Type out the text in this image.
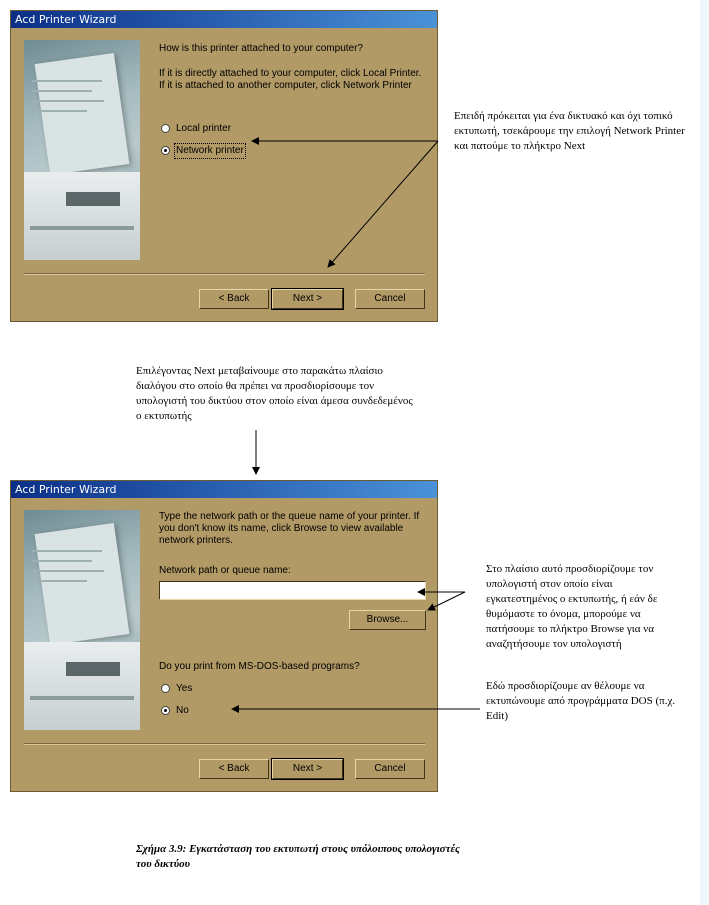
Acd Printer Wizard
How is this printer attached to your computer?
If it is directly attached to your computer, click Local Printer. If it is attached to another computer, click Network Printer
Local printer
Network printer
< Back	Next >	Cancel
Επειδή πρόκειται για ένα δικτυακό και όχι τοπικό εκτυπωτή, τσεκάρουμε την επιλογή Network Printer και πατούμε το πλήκτρο Next
Επιλέγοντας Next μεταβαίνουμε στο παρακάτω πλαίσιο διαλόγου στο οποίο θα πρέπει να προσδιορίσουμε τον υπολογιστή του δικτύου στον οποίο είναι άμεσα συνδεδεμένος ο εκτυπωτής
Acd Printer Wizard
Type the network path or the queue name of your printer. If you don't know its name, click Browse to view available network printers.
Network path or queue name:
Browse...
Do you print from MS-DOS-based programs?
Yes
No
< Back	Next >	Cancel
Στο πλαίσιο αυτό προσδιορίζουμε τον υπολογιστή στον οποίο είναι εγκατεστημένος ο εκτυπωτής, ή εάν δε θυμόμαστε το όνομα, μπορούμε να πατήσουμε το πλήκτρο Browse για να αναζητήσουμε τον υπολογιστή
Εδώ προσδιορίζουμε αν θέλουμε να εκτυπώνουμε από προγράμματα DOS (π.χ. Edit)
Σχήμα 3.9: Εγκατάσταση του εκτυπωτή στους υπόλοιπους υπολογιστές του δικτύου
